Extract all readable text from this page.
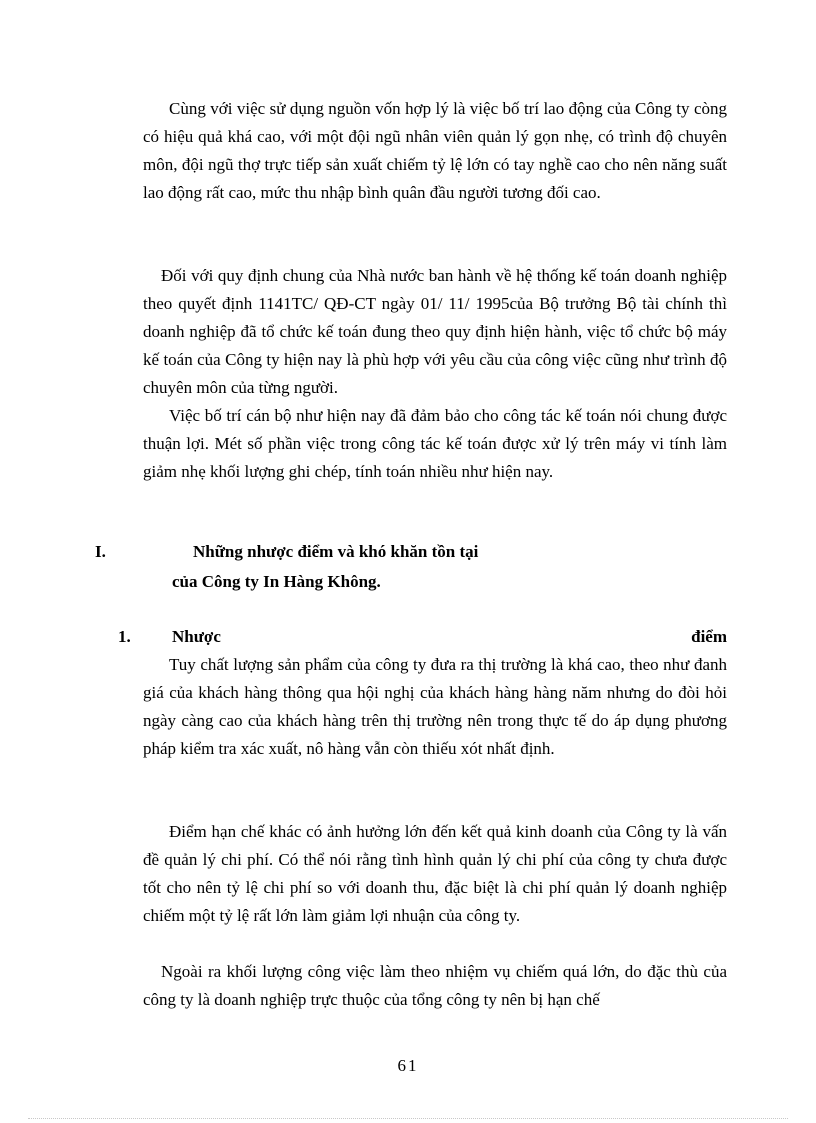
Cùng với việc sử dụng nguồn vốn hợp lý là việc bố trí lao động của Công ty còng có hiệu quả khá cao, với một đội ngũ nhân viên quản lý gọn nhẹ, có trình độ chuyên môn, đội ngũ thợ trực tiếp sản xuất chiếm tỷ lệ lớn có tay nghề cao cho nên năng suất lao động rất cao, mức thu nhập bình quân đầu người tương đối cao.
Đối với quy định chung của Nhà nước ban hành về hệ thống kế toán doanh nghiệp theo quyết định 1141TC/ QĐ-CT ngày 01/ 11/ 1995của Bộ trưởng Bộ tài chính thì doanh nghiệp đã tổ chức kế toán đung theo quy định hiện hành, việc tổ chức bộ máy kế toán của Công ty hiện nay là phù hợp với yêu cầu của công việc cũng như trình độ chuyên môn của từng người.
Việc bố trí cán bộ như hiện nay đã đảm bảo cho công tác kế toán nói chung được thuận lợi. Mét số phần việc trong công tác kế toán được xử lý trên máy vi tính làm giảm nhẹ khối lượng ghi chép, tính toán nhiều như hiện nay.
I.	Những nhược điểm và khó khăn tồn tại
của Công ty In Hàng Không.
1. Nhược	điểm
Tuy chất lượng sản phẩm của công ty đưa ra thị trường là khá cao, theo như đanh giá của khách hàng thông qua hội nghị của khách hàng hàng năm nhưng do đòi hỏi ngày càng cao của khách hàng trên thị trường nên trong thực tế do áp dụng phương pháp kiểm tra xác xuất, nô hàng vẫn còn thiếu xót nhất định.
Điểm hạn chế khác có ảnh hưởng lớn đến kết quả kinh doanh của Công ty là vấn đề quản lý chi phí. Có thể nói rằng tình hình quản lý chi phí của công ty chưa được tốt cho nên tỷ lệ chi phí so với doanh thu, đặc biệt là chi phí quản lý doanh nghiệp chiếm một tỷ lệ rất lớn làm giảm lợi nhuận của công ty.
Ngoài ra khối lượng công việc làm theo nhiệm vụ chiếm quá lớn, do đặc thù của công ty là doanh nghiệp trực thuộc của tổng công ty nên bị hạn chế
61
